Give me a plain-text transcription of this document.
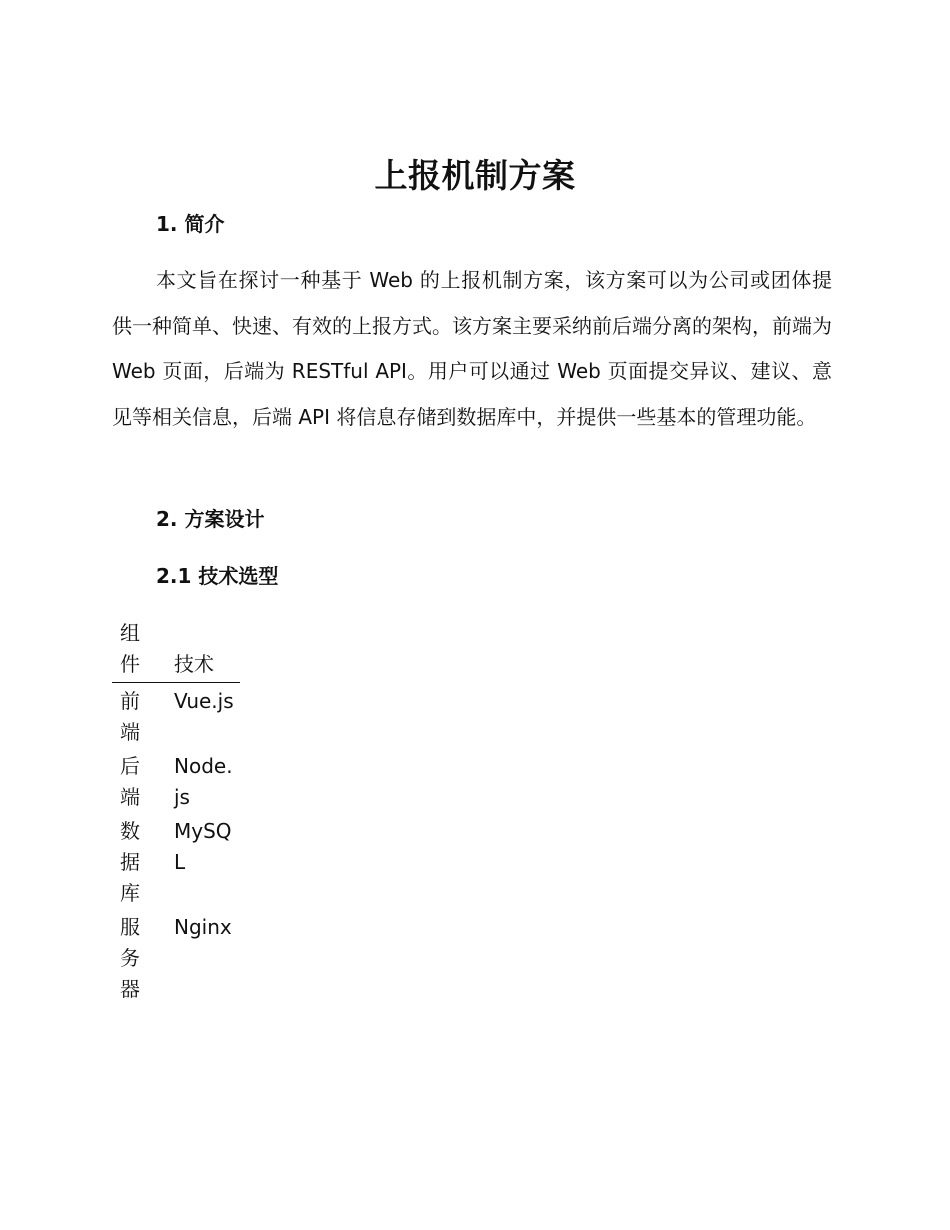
上报机制方案
1. 简介
本文旨在探讨一种基于 Web 的上报机制方案，该方案可以为公司或团体提供一种简单、快速、有效的上报方式。该方案主要采纳前后端分离的架构，前端为 Web 页面，后端为 RESTful API。用户可以通过 Web 页面提交异议、建议、意见等相关信息，后端 API 将信息存储到数据库中，并提供一些基本的管理功能。
2. 方案设计
2.1 技术选型
组件	技术
前端	Vue.js
后端	Node.js
数据库	MySQL
服务器	Nginx
